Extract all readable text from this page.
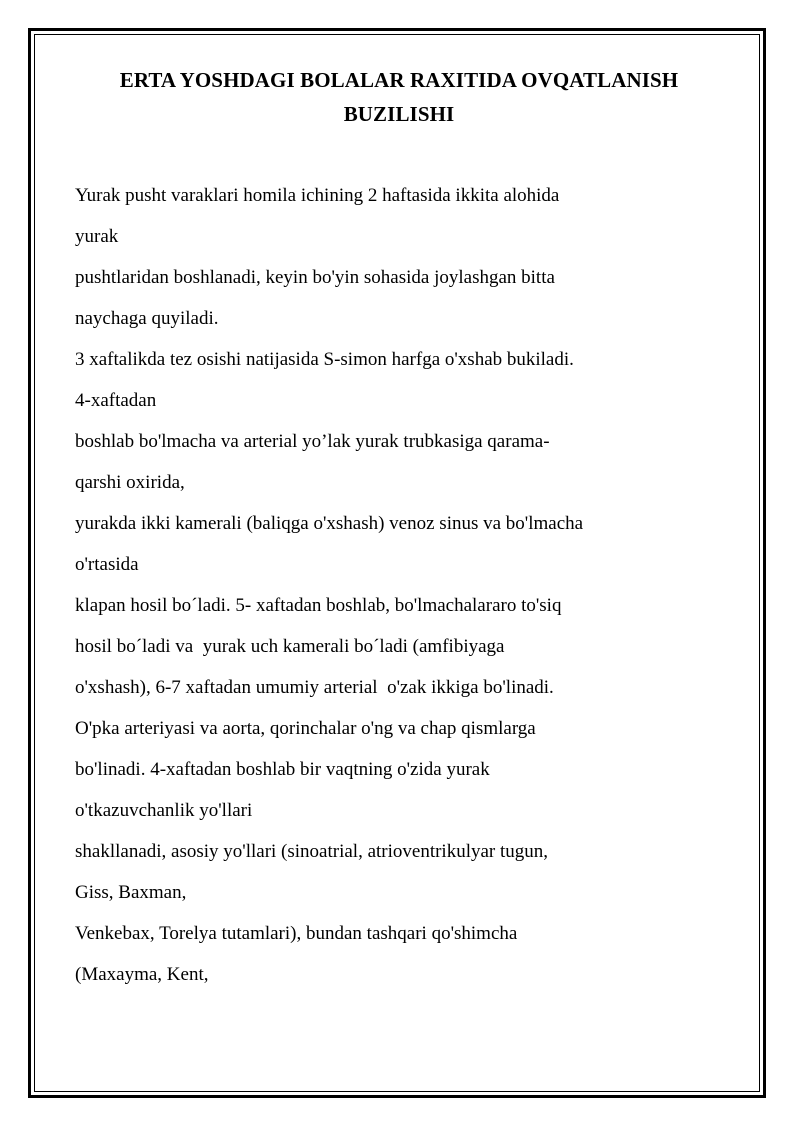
ERTA YOSHDAGI BOLALAR RAXITIDA OVQATLANISH BUZILISHI
Yurak pusht varaklari homila ichining 2 haftasida ikkita alohida
yurak
pushtlaridan boshlanadi, keyin bo'yin sohasida joylashgan bitta
naychaga quyiladi.
3 xaftalikda tez osishi natijasida S-simon harfga o'xshab bukiladi.
4-xaftadan
boshlab bo'lmacha va arterial yo’lak yurak trubkasiga qarama-
qarshi oxirida,
yurakda ikki kamerali (baliqga o'xshash) venoz sinus va bo'lmacha
o'rtasida
klapan hosil bo´ladi. 5- xaftadan boshlab, bo'lmachalararo to'siq
hosil bo´ladi va  yurak uch kamerali bo´ladi (amfibiyaga
o'xshash), 6-7 xaftadan umumiy arterial  o'zak ikkiga bo'linadi.
O'pka arteriyasi va aorta, qorinchalar o'ng va chap qismlarga
bo'linadi. 4-xaftadan boshlab bir vaqtning o'zida yurak
o'tkazuvchanlik yo'llari
shakllanadi, asosiy yo'llari (sinoatrial, atrioventrikulyar tugun,
Giss, Baxman,
Venkebax, Torelya tutamlari), bundan tashqari qo'shimcha
(Maxayma, Kent,
